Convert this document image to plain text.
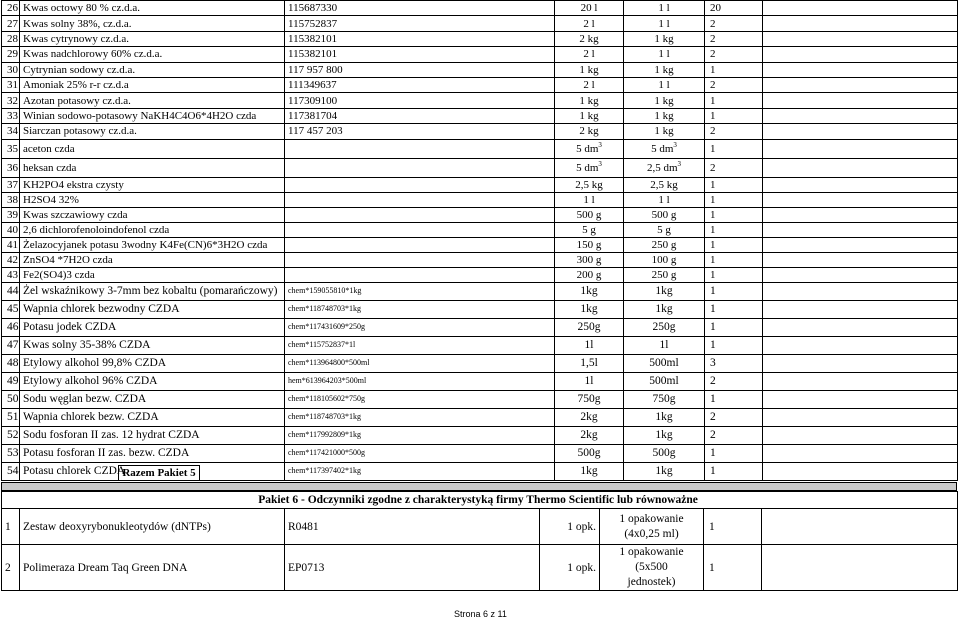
26	Kwas octowy 80 % cz.d.a.	115687330	20 l	1 l	20	
27	Kwas solny 38%, cz.d.a.	115752837	2 l	1 l	2	
28	Kwas cytrynowy cz.d.a.	115382101	2 kg	1 kg	2	
29	Kwas nadchlorowy 60% cz.d.a.	115382101	2 l	1 l	2	
30	Cytrynian sodowy cz.d.a.	117 957 800	1 kg	1 kg	1	
31	Amoniak 25% r-r cz.d.a	111349637	2 l	1 l	2	
32	Azotan potasowy cz.d.a.	117309100	1 kg	1 kg	1	
33	Winian sodowo-potasowy NaKH4C4O6*4H2O czda	117381704	1 kg	1 kg	1	
34	Siarczan potasowy cz.d.a.	117 457 203	2 kg	1 kg	2	
35	aceton czda		5 $dm^3$	5 $dm^3$	1	
36	heksan czda		5 $dm^3$	2,5 $dm^3$	2	
37	KH2PO4 ekstra czysty		2,5 kg	2,5 kg	1	
38	H2SO4 32%		1 l	1 l	1	
39	Kwas szczawiowy czda		500 g	500 g	1	
40	2,6 dichlorofenoloindofenol czda		5 g	5 g	1	
41	Żelazocyjanek potasu 3wodny K4Fe(CN)6*3H2O czda		150 g	250 g	1	
42	ZnSO4 *7H2O czda		300 g	100 g	1	
43	Fe2(SO4)3 czda		200 g	250 g	1	
44	Żel wskaźnikowy 3-7mm bez kobaltu (pomarańczowy)	chem*159055810*1kg	1kg	1kg	1	
45	Wapnia chlorek bezwodny CZDA	chem*118748703*1kg	1kg	1kg	1	
46	Potasu jodek CZDA	chem*117431609*250g	250g	250g	1	
47	Kwas solny 35-38% CZDA	chem*115752837*1l	1l	1l	1	
48	Etylowy alkohol 99,8% CZDA	chem*113964800*500ml	1,5l	500ml	3	
49	Etylowy alkohol 96% CZDA	hem*613964203*500ml	1l	500ml	2	
50	Sodu węglan bezw. CZDA	chem*118105602*750g	750g	750g	1	
51	Wapnia chlorek bezw. CZDA	chem*118748703*1kg	2kg	1kg	2	
52	Sodu fosforan II zas. 12 hydrat CZDA	chem*117992809*1kg	2kg	1kg	2	
53	Potasu fosforan II zas. bezw. CZDA	chem*117421000*500g	500g	500g	1	
54	Potasu chlorek CZDA	chem*117397402*1kg	1kg	1kg	1	
Razem Pakiet 5
Pakiet 6 - Odczynniki zgodne z charakterystyką firmy Thermo Scientific lub równoważne						
1	Zestaw deoxyrybonukleotydów (dNTPs)	R0481	1 opk.	1 opakowanie
(4x0,25 ml)	1	
2	Polimeraza Dream Taq Green DNA	EP0713	1 opk.	1 opakowanie
(5x500
jednostek)	1	
Strona 6 z 11
